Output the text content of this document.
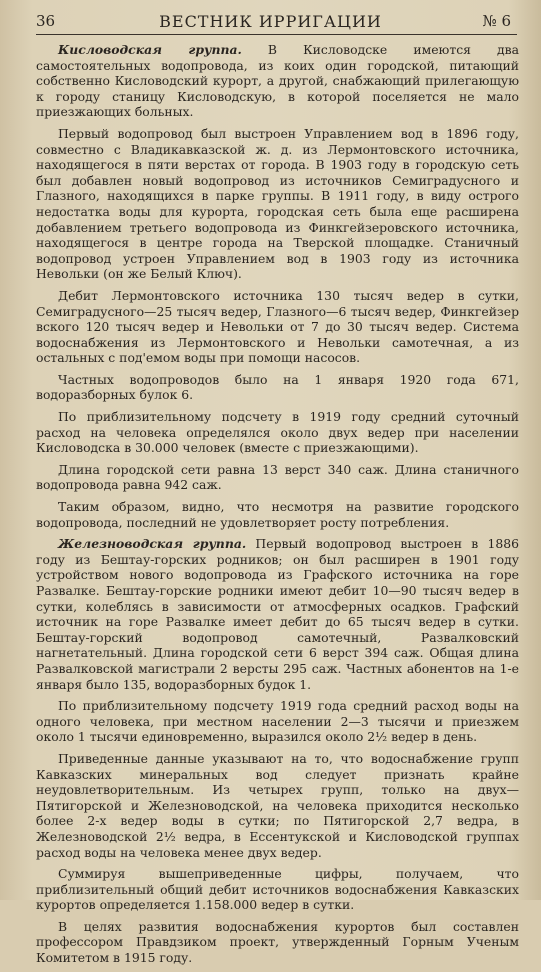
36	ВЕСТНИК ИРРИГАЦИИ	№ 6

Кисловодская группа. В Кисловодске имеются два самостоятельных водопровода, из коих один городской, питающий собственно Кисловодский курорт, а другой, снабжающий прилегающую к городу станицу Кисловодскую, в которой поселяется не мало приезжающих больных.

Первый водопровод был выстроен Управлением вод в 1896 году, совместно с Владикавказской ж. д. из Лермонтовского источника, находящегося в пяти верстах от города. В 1903 году в городскую сеть был добавлен новый водопровод из источников Семиградусного и Глазного, находящихся в парке группы. В 1911 году, в виду острого недостатка воды для курорта, городская сеть была еще расширена добавлением третьего водопровода из Финкгейзеровского источника, находящегося в центре города на Тверской площадке. Станичный водопровод устроен Управлением вод в 1903 году из источника Невольки (он же Белый Ключ).

Дебит Лермонтовского источника 130 тысяч ведер в сутки, Семиградусного—25 тысяч ведер, Глазного—6 тысяч ведер, Финкгейзер вского 120 тысяч ведер и Невольки от 7 до 30 тысяч ведер. Система водоснабжения из Лермонтовского и Невольки самотечная, а из остальных с под'емом воды при помощи насосов.

Частных водопроводов было на 1 января 1920 года 671, водоразборных булок 6.

По приблизительному подсчету в 1919 году средний суточный расход на человека определялся около двух ведер при населении Кисловодска в 30.000 человек (вместе с приезжающими).

Длина городской сети равна 13 верст 340 саж. Длина станичного водопровода равна 942 саж.

Таким образом, видно, что несмотря на развитие городского водопровода, последний не удовлетворяет росту потребления.

Железноводская группа. Первый водопровод выстроен в 1886 году из Бештау-горских родников; он был расширен в 1901 году устройством нового водопровода из Графского источника на горе Развалке. Бештау-горские родники имеют дебит 10—90 тысяч ведер в сутки, колеблясь в зависимости от атмосферных осадков. Графский источник на горе Развалке имеет дебит до 65 тысяч ведер в сутки. Бештау-горский водопровод самотечный, Развалковский нагнетательный. Длина городской сети 6 верст 394 саж. Общая длина Развалковской магистрали 2 версты 295 саж. Частных абонентов на 1-е января было 135, водоразборных будок 1.

По приблизительному подсчету 1919 года средний расход воды на одного человека, при местном населении 2—3 тысячи и приезжем около 1 тысячи единовременно, выразился около 2½ ведер в день.

Приведенные данные указывают на то, что водоснабжение групп Кавказских минеральных вод следует признать крайне неудовлетворительным. Из четырех групп, только на двух—Пятигорской и Железноводской, на человека приходится несколько более 2-х ведер воды в сутки; по Пятигорской 2,7 ведра, в Железноводской 2½ ведра, в Ессентукской и Кисловодской группах расход воды на человека менее двух ведер.

Суммируя вышеприведенные цифры, получаем, что приблизительный общий дебит источников водоснабжения Кавказских курортов определяется 1.158.000 ведер в сутки.

В целях развития водоснабжения курортов был составлен профессором Правдзиком проект, утвержденный Горным Ученым Комитетом в 1915 году.
